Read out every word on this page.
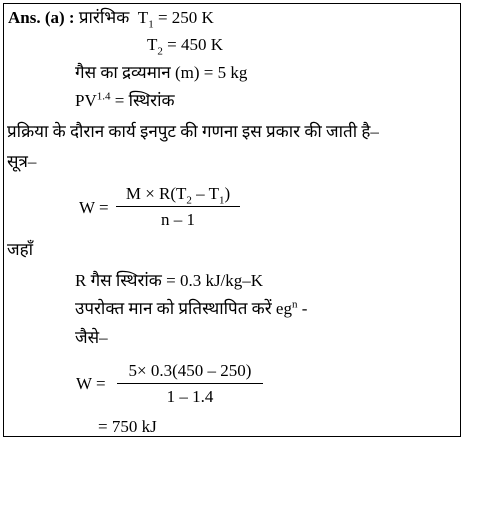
Ans. (a) : प्रारंभिक $T_1 = 250$ K
$T_2 = 450$ K
गैस का द्रव्यमान (m) = 5 kg
$PV^{1.4}$ = स्थिरांक
प्रक्रिया के दौरान कार्य इनपुट की गणना इस प्रकार की जाती है–
सूत्र–
W =
$M \times R(T_2 - T_1)$
n – 1
जहाँ
R गैस स्थिरांक = 0.3 kJ/kg–K
उपरोक्त मान को प्रतिस्थापित करें $eg^n$ -
जैसे–
W =
5× 0.3(450 – 250)
1 – 1.4
= 750 kJ
